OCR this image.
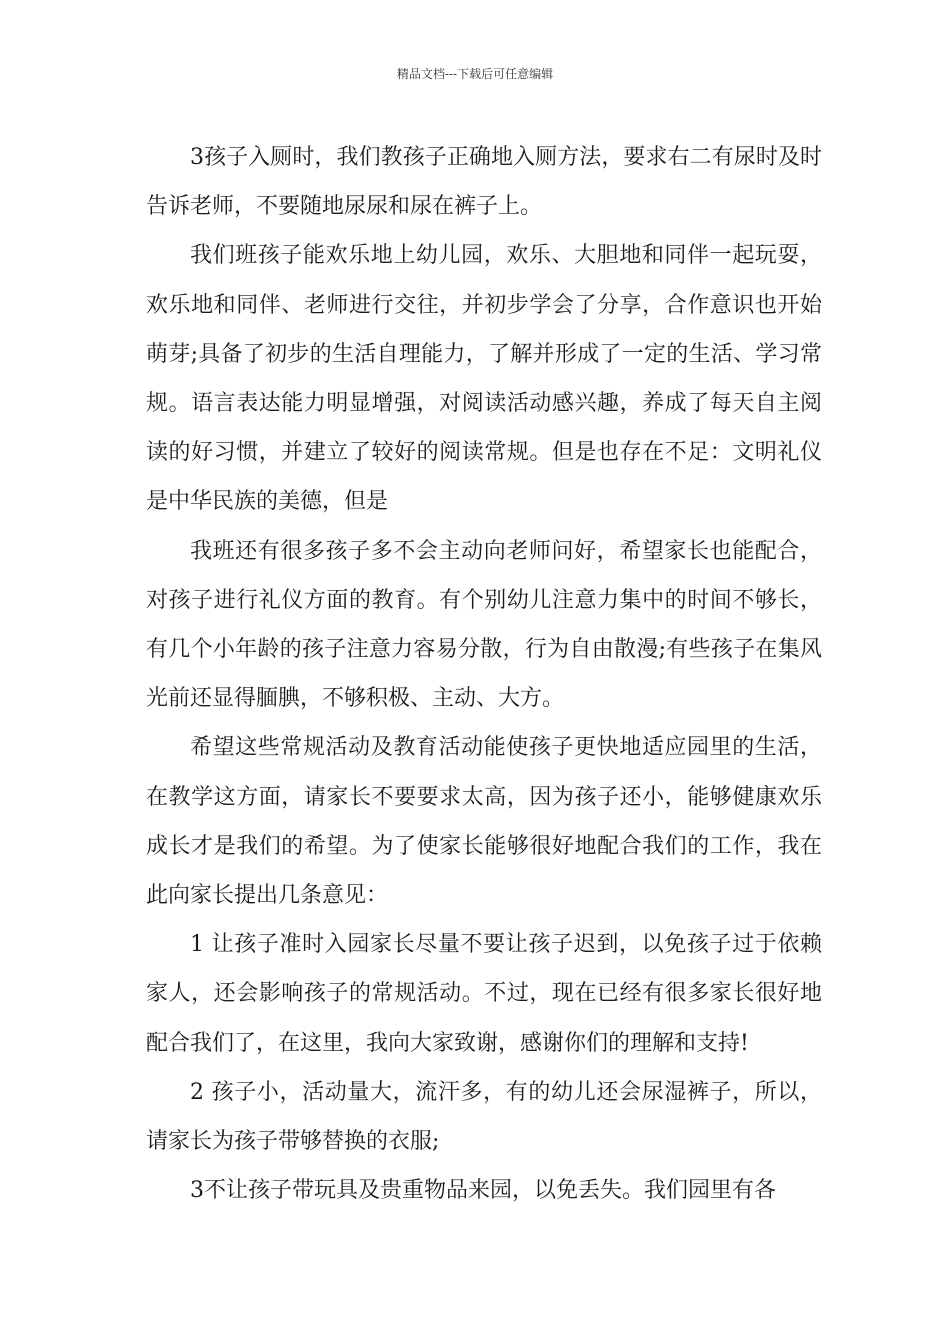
精品文档---下载后可任意编辑

3孩子入厕时，我们教孩子正确地入厕方法，要求右二有尿时及时告诉老师，不要随地尿尿和尿在裤子上。

我们班孩子能欢乐地上幼儿园，欢乐、大胆地和同伴一起玩耍，欢乐地和同伴、老师进行交往，并初步学会了分享，合作意识也开始萌芽;具备了初步的生活自理能力，了解并形成了一定的生活、学习常规。语言表达能力明显增强，对阅读活动感兴趣，养成了每天自主阅读的好习惯，并建立了较好的阅读常规。但是也存在不足：文明礼仪是中华民族的美德，但是

我班还有很多孩子多不会主动向老师问好，希望家长也能配合，对孩子进行礼仪方面的教育。有个别幼儿注意力集中的时间不够长，有几个小年龄的孩子注意力容易分散，行为自由散漫;有些孩子在集风光前还显得腼腆，不够积极、主动、大方。

希望这些常规活动及教育活动能使孩子更快地适应园里的生活，在教学这方面，请家长不要要求太高，因为孩子还小，能够健康欢乐成长才是我们的希望。为了使家长能够很好地配合我们的工作，我在此向家长提出几条意见：

1 让孩子准时入园家长尽量不要让孩子迟到，以免孩子过于依赖家人，还会影响孩子的常规活动。不过，现在已经有很多家长很好地配合我们了，在这里，我向大家致谢，感谢你们的理解和支持!

2 孩子小，活动量大，流汗多，有的幼儿还会尿湿裤子，所以，请家长为孩子带够替换的衣服;

3不让孩子带玩具及贵重物品来园，以免丢失。我们园里有各
